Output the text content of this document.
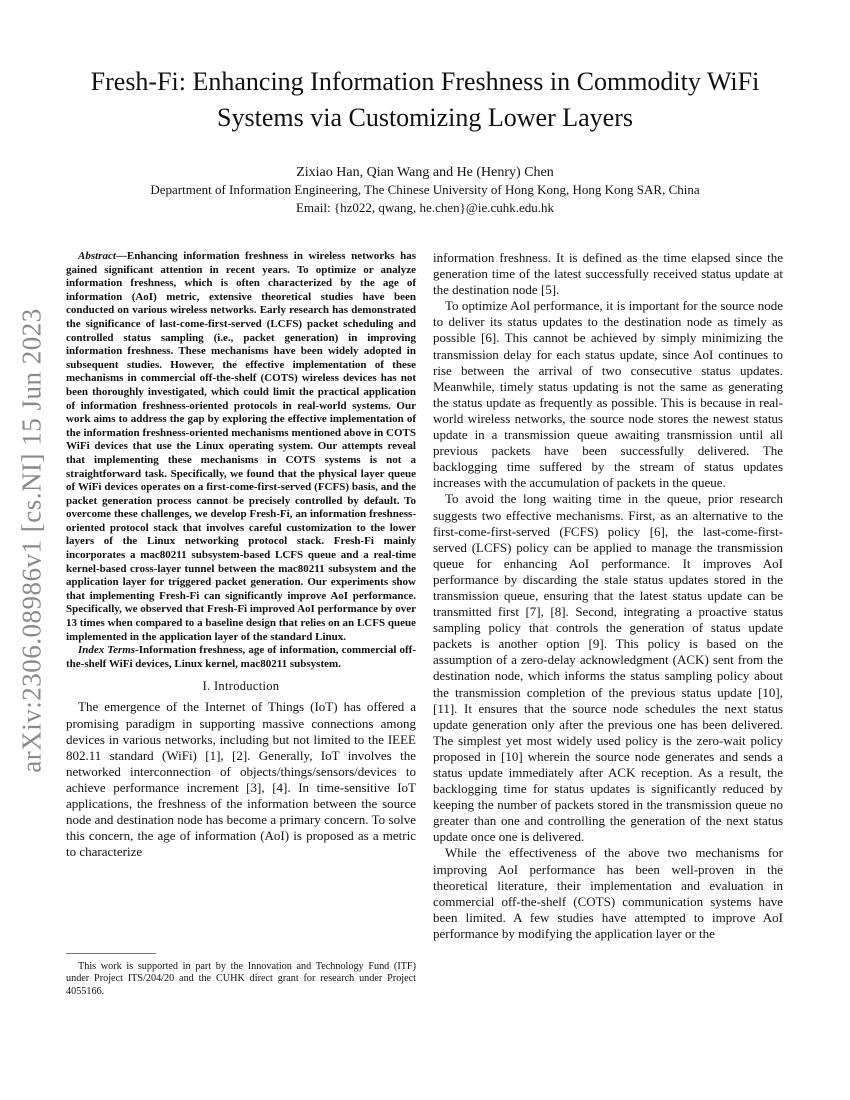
arXiv:2306.08986v1 [cs.NI] 15 Jun 2023
Fresh-Fi: Enhancing Information Freshness in Commodity WiFi Systems via Customizing Lower Layers
Zixiao Han, Qian Wang and He (Henry) Chen
Department of Information Engineering, The Chinese University of Hong Kong, Hong Kong SAR, China
Email: {hz022, qwang, he.chen}@ie.cuhk.edu.hk

Abstract—Enhancing information freshness in wireless networks has gained significant attention in recent years. To optimize or analyze information freshness, which is often characterized by the age of information (AoI) metric, extensive theoretical studies have been conducted on various wireless networks. Early research has demonstrated the significance of last-come-first-served (LCFS) packet scheduling and controlled status sampling (i.e., packet generation) in improving information freshness. These mechanisms have been widely adopted in subsequent studies. However, the effective implementation of these mechanisms in commercial off-the-shelf (COTS) wireless devices has not been thoroughly investigated, which could limit the practical application of information freshness-oriented protocols in real-world systems. Our work aims to address the gap by exploring the effective implementation of the information freshness-oriented mechanisms mentioned above in COTS WiFi devices that use the Linux operating system. Our attempts reveal that implementing these mechanisms in COTS systems is not a straightforward task. Specifically, we found that the physical layer queue of WiFi devices operates on a first-come-first-served (FCFS) basis, and the packet generation process cannot be precisely controlled by default. To overcome these challenges, we develop Fresh-Fi, an information freshness-oriented protocol stack that involves careful customization to the lower layers of the Linux networking protocol stack. Fresh-Fi mainly incorporates a mac80211 subsystem-based LCFS queue and a real-time kernel-based cross-layer tunnel between the mac80211 subsystem and the application layer for triggered packet generation. Our experiments show that implementing Fresh-Fi can significantly improve AoI performance. Specifically, we observed that Fresh-Fi improved AoI performance by over 13 times when compared to a baseline design that relies on an LCFS queue implemented in the application layer of the standard Linux.

Index Terms-Information freshness, age of information, commercial off-the-shelf WiFi devices, Linux kernel, mac80211 subsystem.

I. Introduction

The emergence of the Internet of Things (IoT) has offered a promising paradigm in supporting massive connections among devices in various networks, including but not limited to the IEEE 802.11 standard (WiFi) [1], [2]. Generally, IoT involves the networked interconnection of objects/things/sensors/devices to achieve performance increment [3], [4]. In time-sensitive IoT applications, the freshness of the information between the source node and destination node has become a primary concern. To solve this concern, the age of information (AoI) is proposed as a metric to characterize

This work is supported in part by the Innovation and Technology Fund (ITF) under Project ITS/204/20 and the CUHK direct grant for research under Project 4055166.

information freshness. It is defined as the time elapsed since the generation time of the latest successfully received status update at the destination node [5].

To optimize AoI performance, it is important for the source node to deliver its status updates to the destination node as timely as possible [6]. This cannot be achieved by simply minimizing the transmission delay for each status update, since AoI continues to rise between the arrival of two consecutive status updates. Meanwhile, timely status updating is not the same as generating the status update as frequently as possible. This is because in real-world wireless networks, the source node stores the newest status update in a transmission queue awaiting transmission until all previous packets have been successfully delivered. The backlogging time suffered by the stream of status updates increases with the accumulation of packets in the queue.

To avoid the long waiting time in the queue, prior research suggests two effective mechanisms. First, as an alternative to the first-come-first-served (FCFS) policy [6], the last-come-first-served (LCFS) policy can be applied to manage the transmission queue for enhancing AoI performance. It improves AoI performance by discarding the stale status updates stored in the transmission queue, ensuring that the latest status update can be transmitted first [7], [8]. Second, integrating a proactive status sampling policy that controls the generation of status update packets is another option [9]. This policy is based on the assumption of a zero-delay acknowledgment (ACK) sent from the destination node, which informs the status sampling policy about the transmission completion of the previous status update [10], [11]. It ensures that the source node schedules the next status update generation only after the previous one has been delivered. The simplest yet most widely used policy is the zero-wait policy proposed in [10] wherein the source node generates and sends a status update immediately after ACK reception. As a result, the backlogging time for status updates is significantly reduced by keeping the number of packets stored in the transmission queue no greater than one and controlling the generation of the next status update once one is delivered.

While the effectiveness of the above two mechanisms for improving AoI performance has been well-proven in the theoretical literature, their implementation and evaluation in commercial off-the-shelf (COTS) communication systems have been limited. A few studies have attempted to improve AoI performance by modifying the application layer or the
